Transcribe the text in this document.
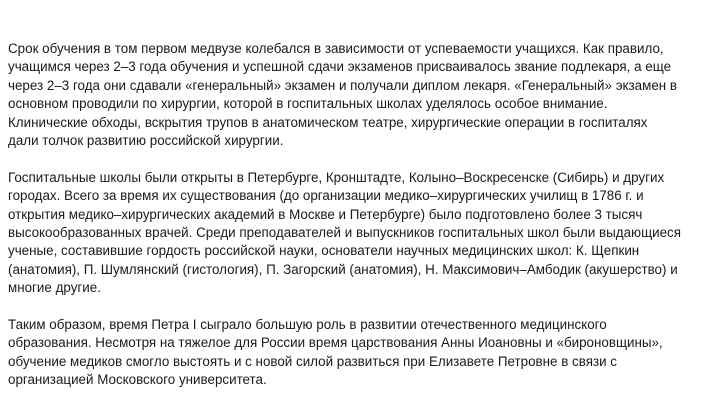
Срок обучения в том первом медвузе колебался в зависимости от успеваемости учащихся. Как правило,
учащимся через 2–3 года обучения и успешной сдачи экзаменов присваивалось звание подлекаря, а еще
через 2–3 года они сдавали «генеральный» экзамен и получали диплом лекаря. «Генеральный» экзамен в
основном проводили по хирургии, которой в госпитальных школах уделялось особое внимание.
Клинические обходы, вскрытия трупов в анатомическом театре, хирургические операции в госпиталях
дали толчок развитию российской хирургии.

Госпитальные школы были открыты в Петербурге, Кронштадте, Колыно–Воскресенске (Сибирь) и других
городах. Всего за время их существования (до организации медико–хирургических училищ в 1786 г. и
открытия медико–хирургических академий в Москве и Петербурге) было подготовлено более 3 тысяч
высокообразованных врачей. Среди преподавателей и выпускников госпитальных школ были выдающиеся
ученые, составившие гордость российской науки, основатели научных медицинских школ: К. Щепкин
(анатомия), П. Шумлянский (гистология), П. Загорский (анатомия), Н. Максимович–Амбодик (акушерство) и
многие другие.

Таким образом, время Петра I сыграло большую роль в развитии отечественного медицинского
образования. Несмотря на тяжелое для России время царствования Анны Иоановны и «бироновщины»,
обучение медиков смогло выстоять и с новой силой развиться при Елизавете Петровне в связи с
организацией Московского университета.
